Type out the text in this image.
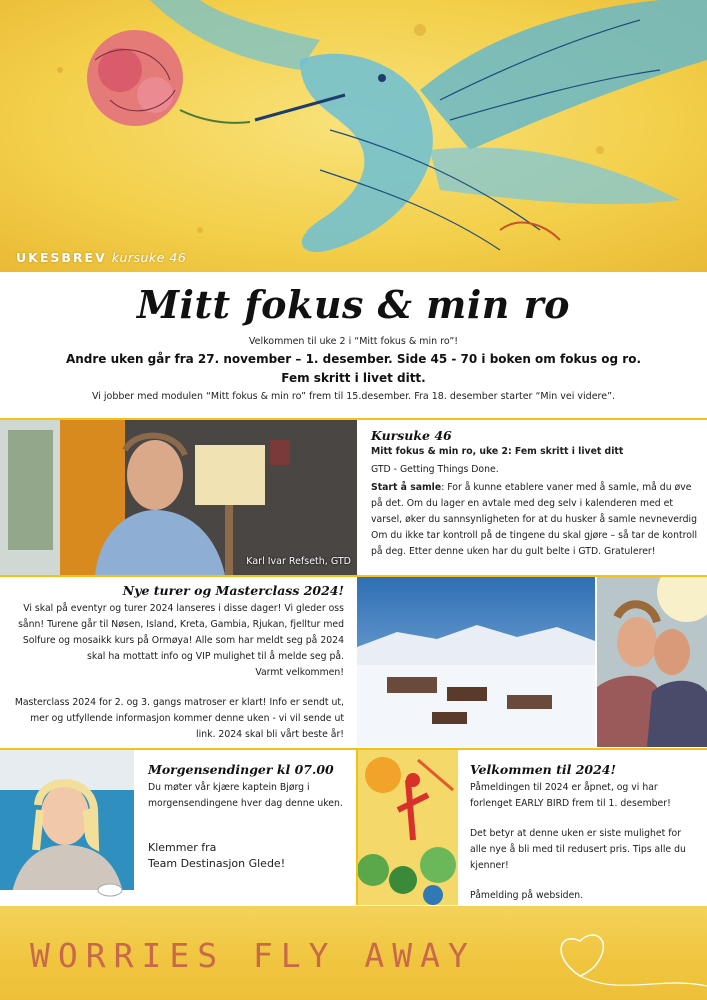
UKESBREV kursuke 46
Mitt fokus & min ro
Velkommen til uke 2 i “Mitt fokus & min ro”!
Andre uken går fra 27. november – 1. desember. Side 45 - 70 i boken om fokus og ro.
Fem skritt i livet ditt.
Vi jobber med modulen “Mitt fokus & min ro” frem til 15.desember. Fra 18. desember starter “Min vei videre”.
Karl Ivar Refseth, GTD
Kursuke 46
Mitt fokus & min ro, uke 2: Fem skritt i livet ditt
GTD - Getting Things Done.
Start å samle: For å kunne etablere vaner med å samle, må du øve på det. Om du lager en avtale med deg selv i kalenderen med et varsel, øker du sannsynligheten for at du husker å samle nevneverdig
Om du ikke tar kontroll på de tingene du skal gjøre – så tar de kontroll på deg. Etter denne uken har du gult belte i GTD. Gratulerer!
Nye turer og Masterclass 2024!
Vi skal på eventyr og turer 2024 lanseres i disse dager! Vi gleder oss sånn! Turene går til Nøsen, Island, Kreta, Gambia, Rjukan, fjelltur med Solfure og mosaikk kurs på Ormøya! Alle som har meldt seg på 2024 skal ha mottatt info og VIP mulighet til å melde seg på.
Varmt velkommen!
Masterclass 2024 for 2. og 3. gangs matroser er klart! Info er sendt ut, mer og utfyllende informasjon kommer denne uken - vi vil sende ut link. 2024 skal bli vårt beste år!
Morgensendinger kl 07.00
Du møter vår kjære kaptein Bjørg i morgensendingene hver dag denne uken.
Klemmer fra
Team Destinasjon Glede!
Velkommen til 2024!
Påmeldingen til 2024 er åpnet, og vi har forlenget EARLY BIRD frem til 1. desember!
Det betyr at denne uken er siste mulighet for alle nye å bli med til redusert pris. Tips alle du kjenner!
Påmelding på websiden.
WORRIES FLY AWAY
